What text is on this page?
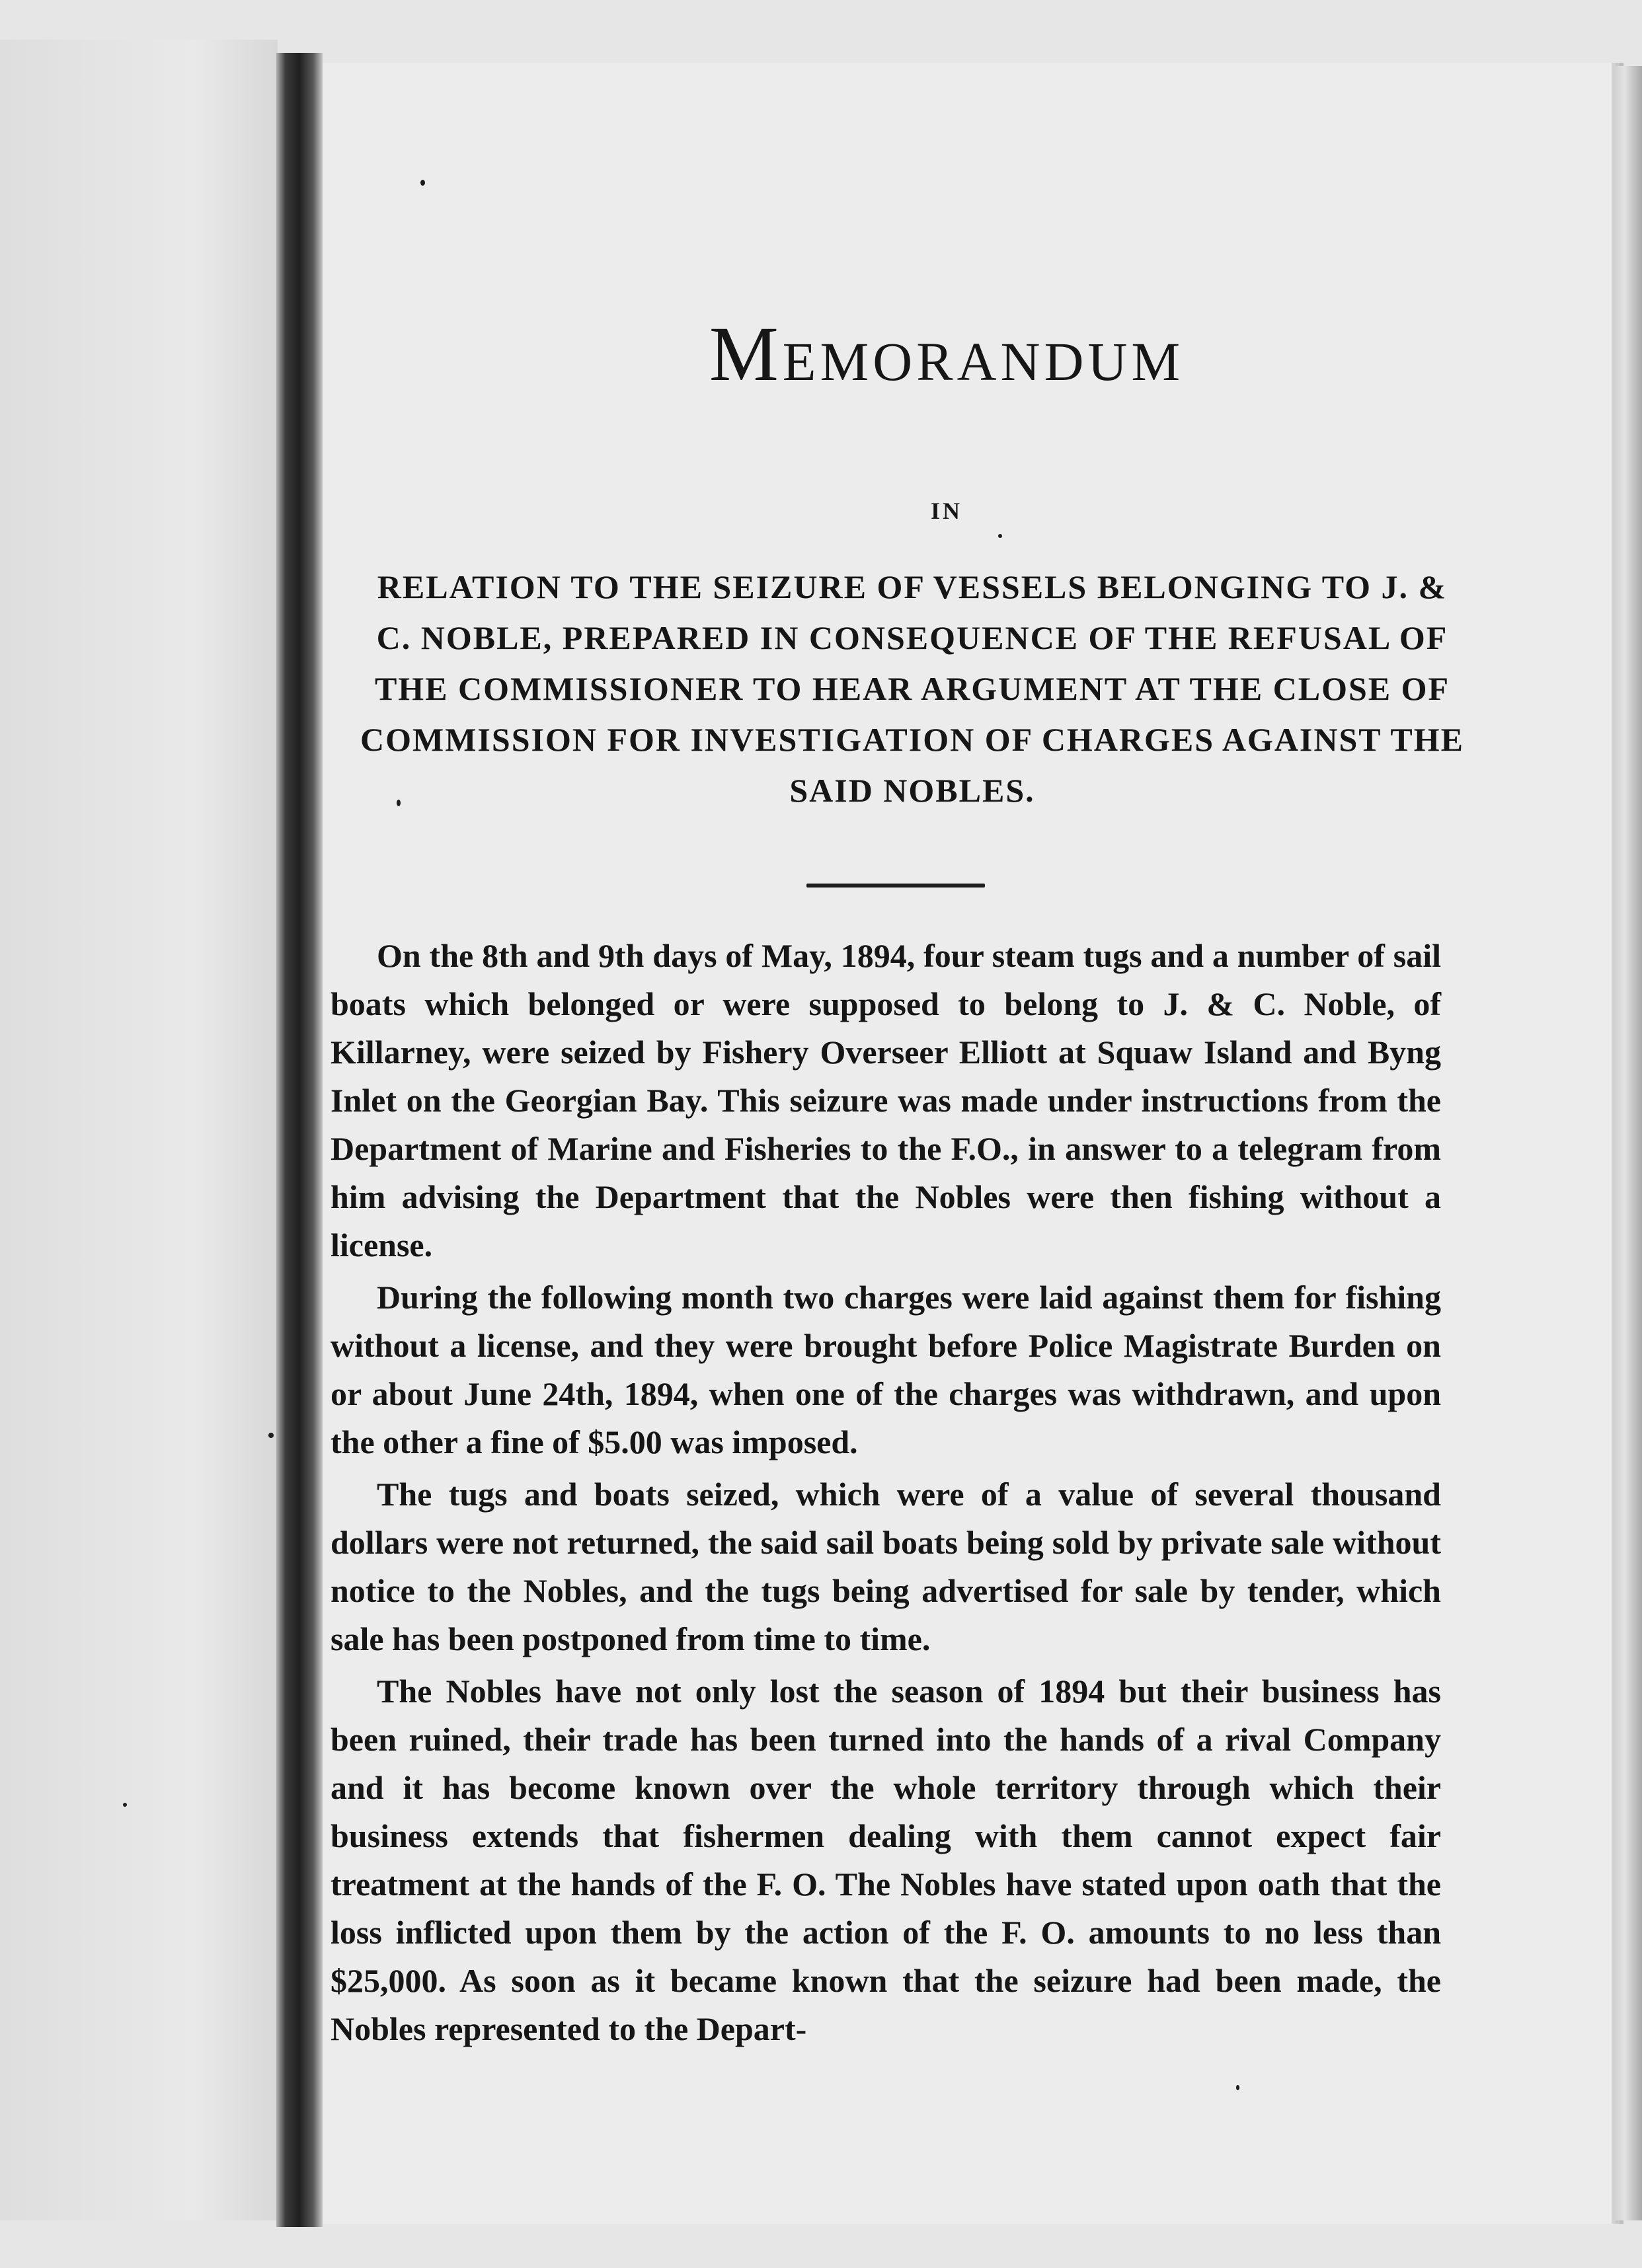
Memorandum
IN
RELATION TO THE SEIZURE OF VESSELS BELONGING TO J. & C. NOBLE, PREPARED IN CONSEQUENCE OF THE REFUSAL OF THE COMMISSIONER TO HEAR ARGUMENT AT THE CLOSE OF COMMISSION FOR INVESTIGATION OF CHARGES AGAINST THE SAID NOBLES.

On the 8th and 9th days of May, 1894, four steam tugs and a number of sail boats which belonged or were supposed to belong to J. & C. Noble, of Killarney, were seized by Fishery Overseer Elliott at Squaw Island and Byng Inlet on the Georgian Bay. This seizure was made under instructions from the Department of Marine and Fisheries to the F.O., in answer to a telegram from him advising the Department that the Nobles were then fishing without a license.

During the following month two charges were laid against them for fishing without a license, and they were brought before Police Magistrate Burden on or about June 24th, 1894, when one of the charges was withdrawn, and upon the other a fine of $5.00 was imposed.

The tugs and boats seized, which were of a value of several thousand dollars were not returned, the said sail boats being sold by private sale without notice to the Nobles, and the tugs being advertised for sale by tender, which sale has been postponed from time to time.

The Nobles have not only lost the season of 1894 but their business has been ruined, their trade has been turned into the hands of a rival Company and it has become known over the whole territory through which their business extends that fishermen dealing with them cannot expect fair treatment at the hands of the F. O. The Nobles have stated upon oath that the loss inflicted upon them by the action of the F. O. amounts to no less than $25,000. As soon as it became known that the seizure had been made, the Nobles represented to the Depart-
